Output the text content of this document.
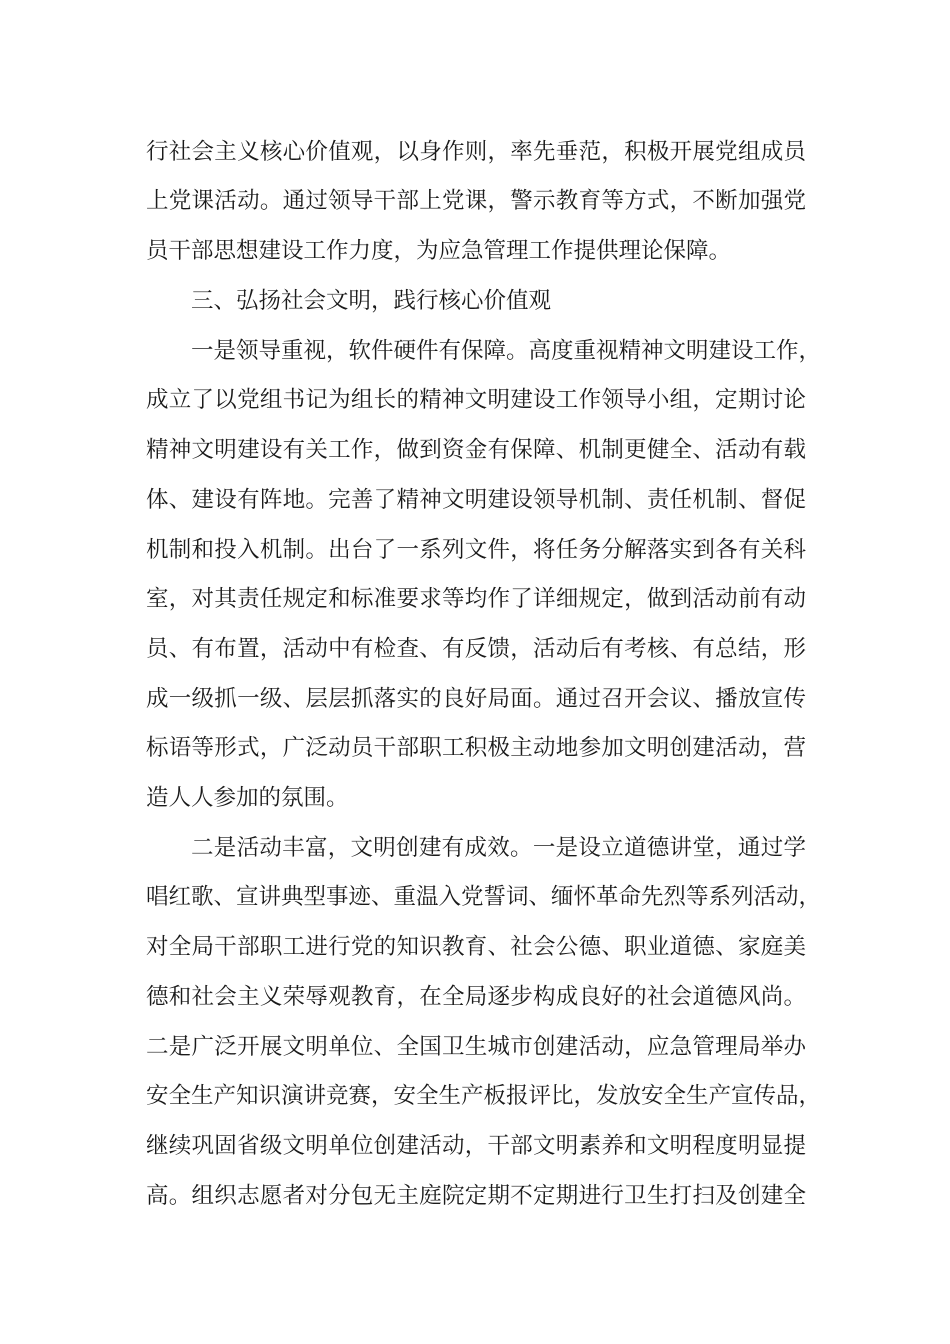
行社会主义核心价值观，以身作则，率先垂范，积极开展党组成员

上党课活动。通过领导干部上党课，警示教育等方式，不断加强党

员干部思想建设工作力度，为应急管理工作提供理论保障。

三、弘扬社会文明，践行核心价值观

一是领导重视，软件硬件有保障。高度重视精神文明建设工作，

成立了以党组书记为组长的精神文明建设工作领导小组，定期讨论

精神文明建设有关工作，做到资金有保障、机制更健全、活动有载

体、建设有阵地。完善了精神文明建设领导机制、责任机制、督促

机制和投入机制。出台了一系列文件，将任务分解落实到各有关科

室，对其责任规定和标准要求等均作了详细规定，做到活动前有动

员、有布置，活动中有检查、有反馈，活动后有考核、有总结，形

成一级抓一级、层层抓落实的良好局面。通过召开会议、播放宣传

标语等形式，广泛动员干部职工积极主动地参加文明创建活动，营

造人人参加的氛围。

二是活动丰富，文明创建有成效。一是设立道德讲堂，通过学

唱红歌、宣讲典型事迹、重温入党誓词、缅怀革命先烈等系列活动，

对全局干部职工进行党的知识教育、社会公德、职业道德、家庭美

德和社会主义荣辱观教育，在全局逐步构成良好的社会道德风尚。

二是广泛开展文明单位、全国卫生城市创建活动，应急管理局举办

安全生产知识演讲竞赛，安全生产板报评比，发放安全生产宣传品，

继续巩固省级文明单位创建活动，干部文明素养和文明程度明显提

高。组织志愿者对分包无主庭院定期不定期进行卫生打扫及创建全
